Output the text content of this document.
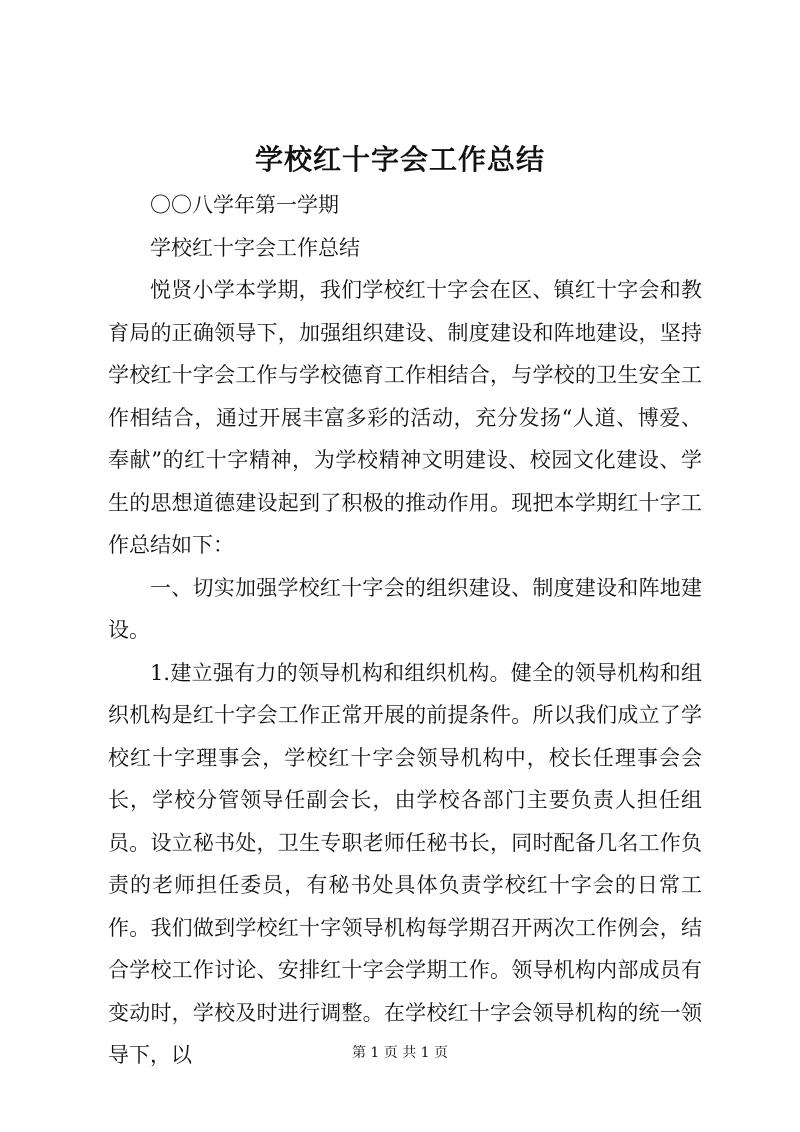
学校红十字会工作总结

〇〇八学年第一学期

学校红十字会工作总结

悦贤小学本学期，我们学校红十字会在区、镇红十字会和教育局的正确领导下，加强组织建设、制度建设和阵地建设，坚持学校红十字会工作与学校德育工作相结合，与学校的卫生安全工作相结合，通过开展丰富多彩的活动，充分发扬“人道、博爱、奉献”的红十字精神，为学校精神文明建设、校园文化建设、学生的思想道德建设起到了积极的推动作用。现把本学期红十字工作总结如下：

一、切实加强学校红十字会的组织建设、制度建设和阵地建设。

1.建立强有力的领导机构和组织机构。健全的领导机构和组织机构是红十字会工作正常开展的前提条件。所以我们成立了学校红十字理事会，学校红十字会领导机构中，校长任理事会会长，学校分管领导任副会长，由学校各部门主要负责人担任组员。设立秘书处，卫生专职老师任秘书长，同时配备几名工作负责的老师担任委员，有秘书处具体负责学校红十字会的日常工作。我们做到学校红十字领导机构每学期召开两次工作例会，结合学校工作讨论、安排红十字会学期工作。领导机构内部成员有变动时，学校及时进行调整。在学校红十字会领导机构的统一领导下，以	第 1 页 共 1 页
